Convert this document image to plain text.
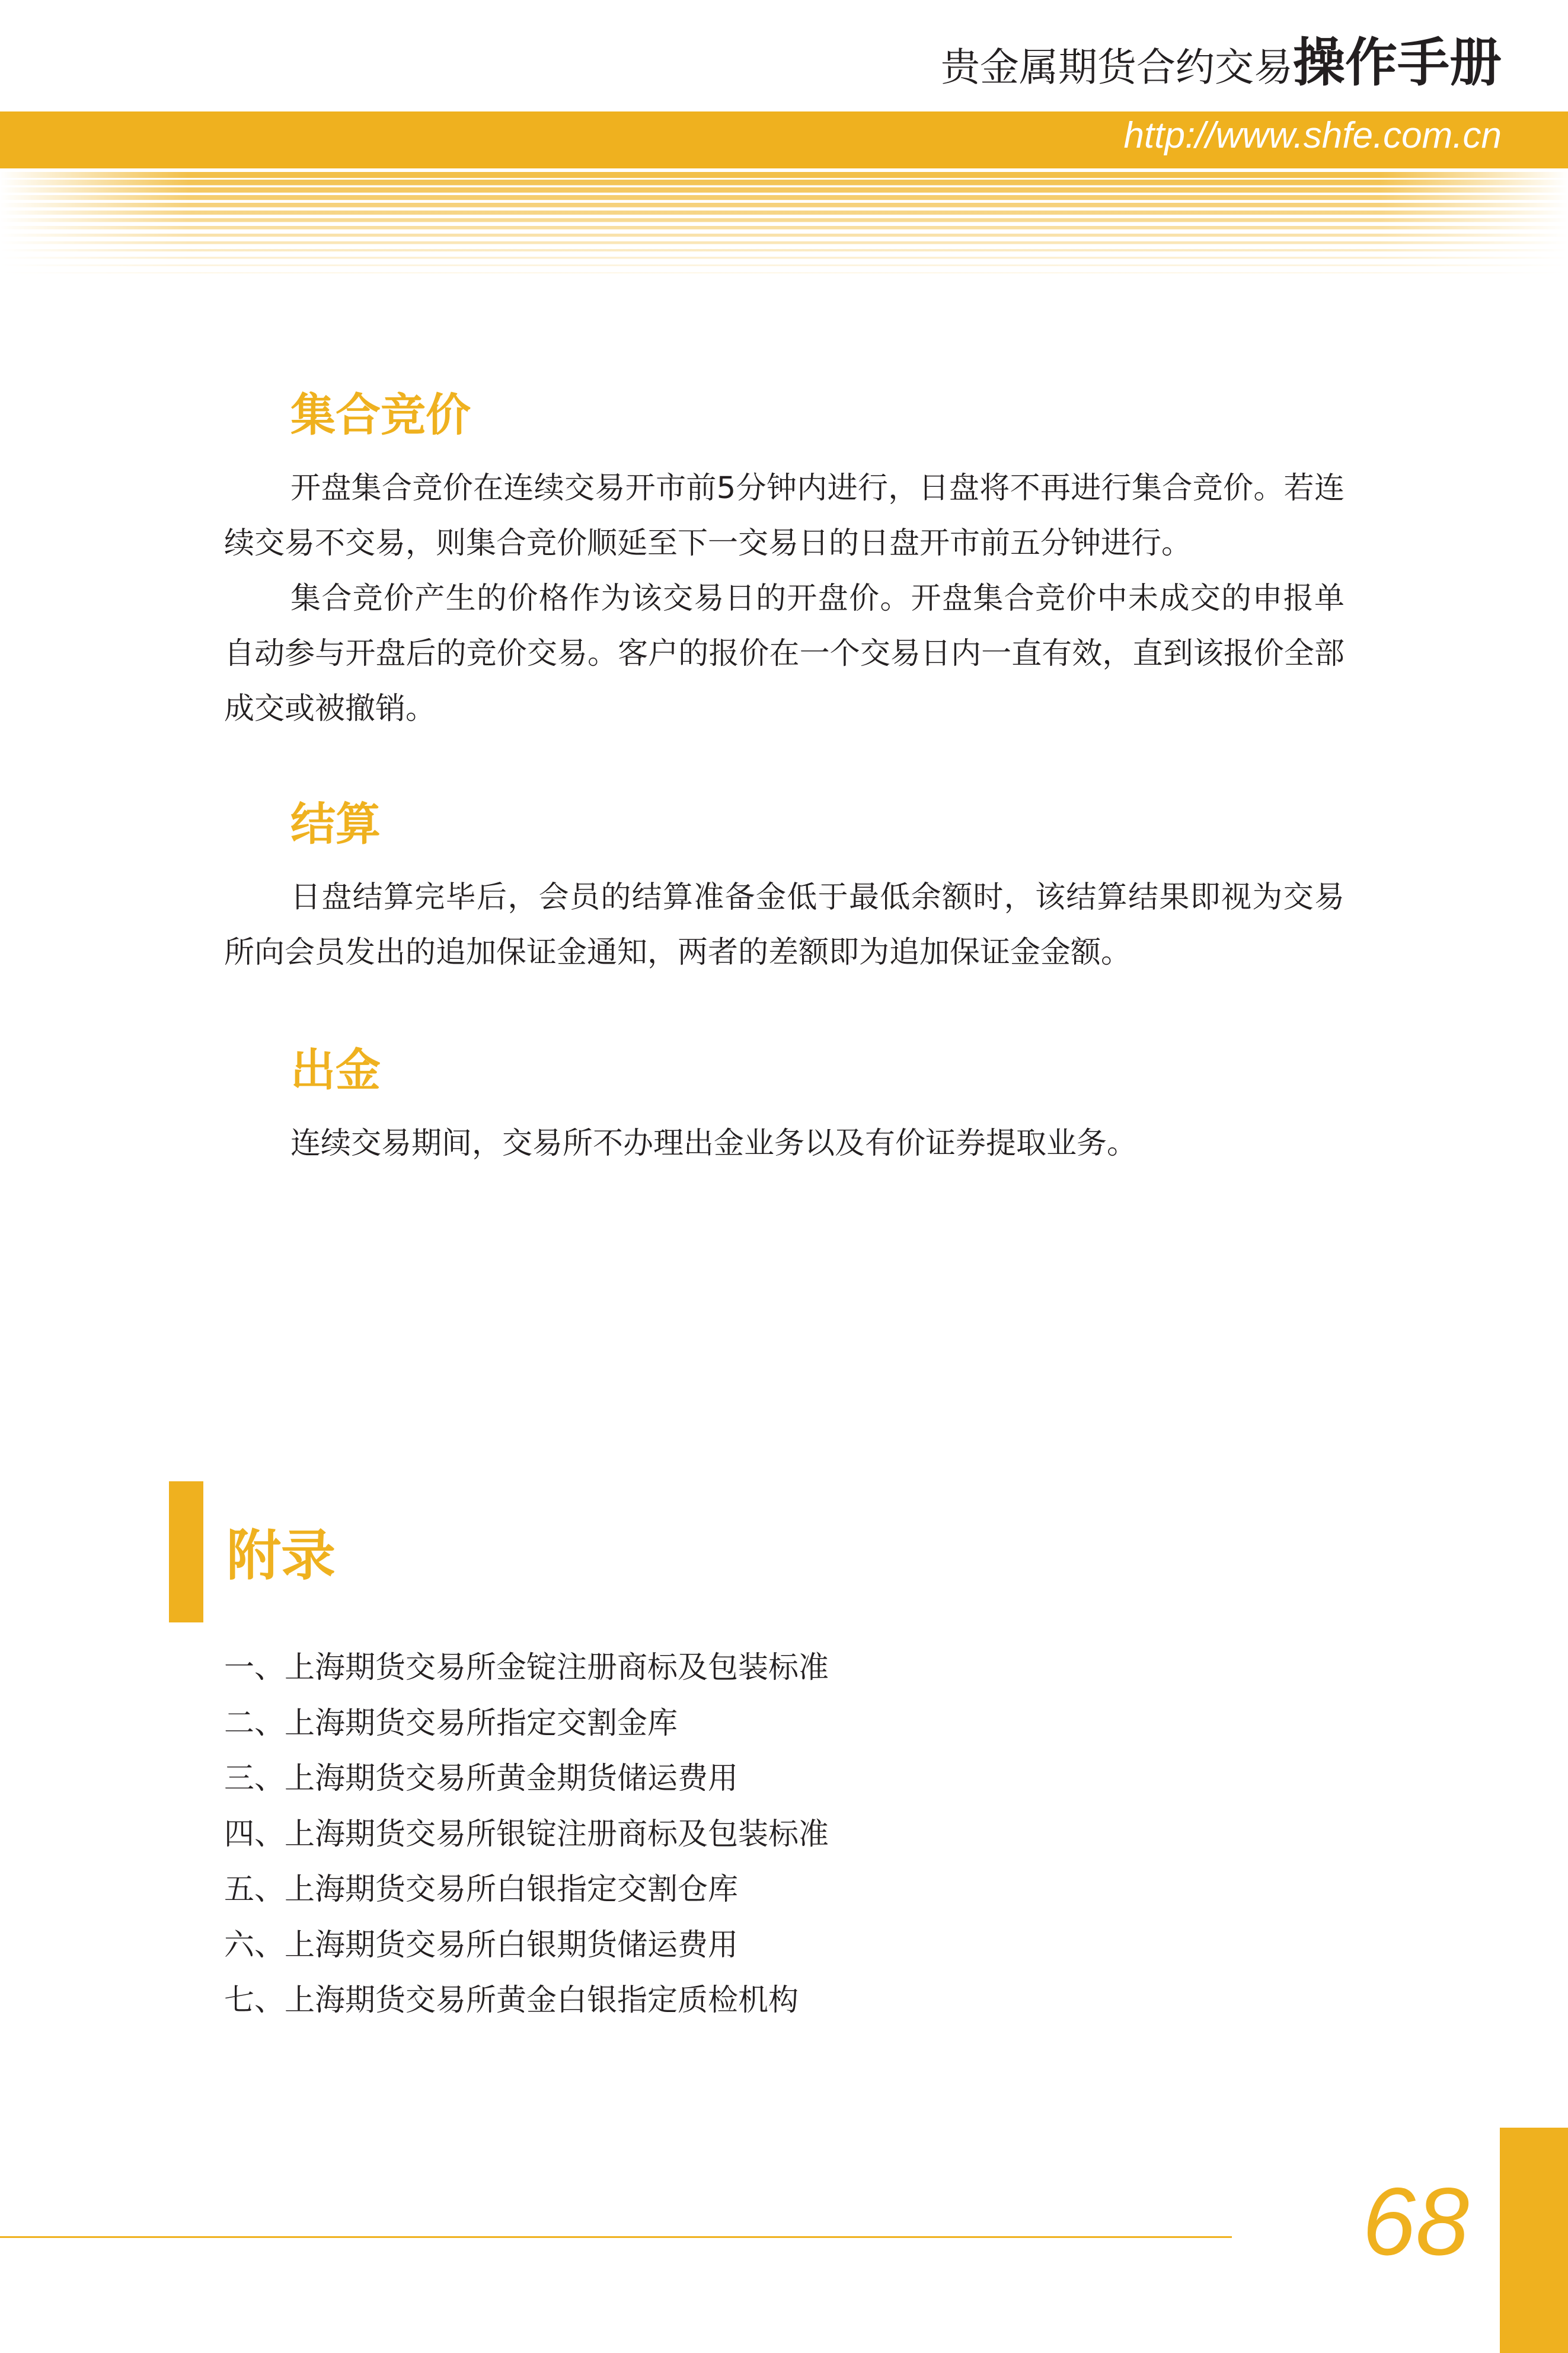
贵金属期货合约交易操作手册
http://www.shfe.com.cn
集合竞价

开盘集合竞价在连续交易开市前5分钟内进行，日盘将不再进行集合竞价。若连续交易不交易，则集合竞价顺延至下一交易日的日盘开市前五分钟进行。

集合竞价产生的价格作为该交易日的开盘价。开盘集合竞价中未成交的申报单自动参与开盘后的竞价交易。客户的报价在一个交易日内一直有效，直到该报价全部成交或被撤销。

结算

日盘结算完毕后，会员的结算准备金低于最低余额时，该结算结果即视为交易所向会员发出的追加保证金通知，两者的差额即为追加保证金金额。

出金

连续交易期间，交易所不办理出金业务以及有价证券提取业务。

附录
一、上海期货交易所金锭注册商标及包装标准
二、上海期货交易所指定交割金库
三、上海期货交易所黄金期货储运费用
四、上海期货交易所银锭注册商标及包装标准
五、上海期货交易所白银指定交割仓库
六、上海期货交易所白银期货储运费用
七、上海期货交易所黄金白银指定质检机构
68
